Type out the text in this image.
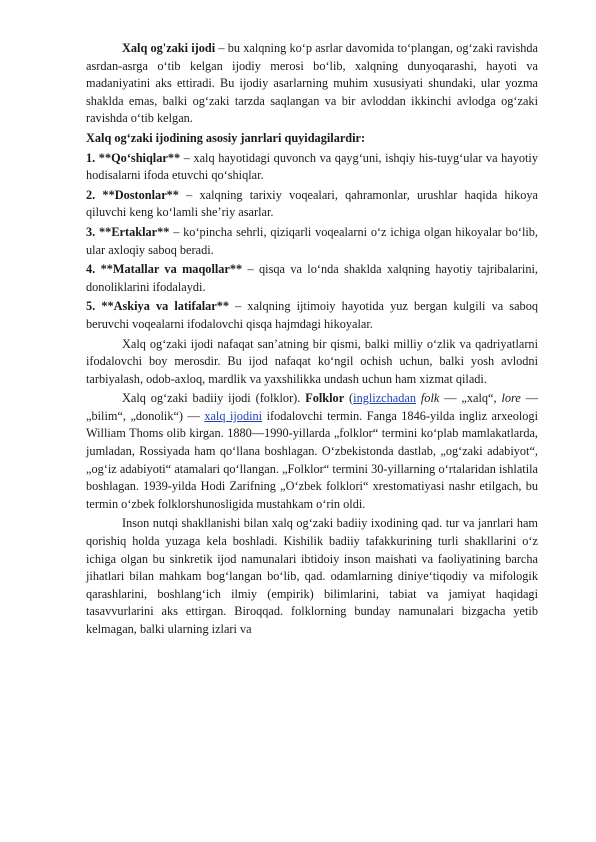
Xalq og'zaki ijodi – bu xalqning ko‘p asrlar davomida to‘plangan, og‘zaki ravishda asrdan-asrga o‘tib kelgan ijodiy merosi bo‘lib, xalqning dunyoqarashi, hayoti va madaniyatini aks ettiradi. Bu ijodiy asarlarning muhim xususiyati shundaki, ular yozma shaklda emas, balki og‘zaki tarzda saqlangan va bir avloddan ikkinchi avlodga og‘zaki ravishda o‘tib kelgan.

Xalq og‘zaki ijodining asosiy janrlari quyidagilardir:

1. **Qo‘shiqlar** – xalq hayotidagi quvonch va qayg‘uni, ishqiy his-tuyg‘ular va hayotiy hodisalarni ifoda etuvchi qo‘shiqlar.

2. **Dostonlar** – xalqning tarixiy voqealari, qahramonlar, urushlar haqida hikoya qiluvchi keng ko‘lamli she’riy asarlar.

3. **Ertaklar** – ko‘pincha sehrli, qiziqarli voqealarni o‘z ichiga olgan hikoyalar bo‘lib, ular axloqiy saboq beradi.

4. **Matallar va maqollar** – qisqa va lo‘nda shaklda xalqning hayotiy tajribalarini, donoliklarini ifodalaydi.

5. **Askiya va latifalar** – xalqning ijtimoiy hayotida yuz bergan kulgili va saboq beruvchi voqealarni ifodalovchi qisqa hajmdagi hikoyalar.

Xalq og‘zaki ijodi nafaqat san’atning bir qismi, balki milliy o‘zlik va qadriyatlarni ifodalovchi boy merosdir. Bu ijod nafaqat ko‘ngil ochish uchun, balki yosh avlodni tarbiyalash, odob-axloq, mardlik va yaxshilikka undash uchun ham xizmat qiladi.

Xalq og‘zaki badiiy ijodi (folklor). Folklor (inglizchadan folk — „xalq“, lore — „bilim“, „donolik“) — xalq ijodini ifodalovchi termin. Fanga 1846-yilda ingliz arxeologi William Thoms olib kirgan. 1880—1990-yillarda „folklor“ termini ko‘plab mamlakatlarda, jumladan, Rossiyada ham qo‘llana boshlagan. O‘zbekistonda dastlab, „og‘zaki adabiyot“, „og‘iz adabiyoti“ atamalari qo‘llangan. „Folklor“ termini 30-yillarning o‘rtalaridan ishlatila boshlagan. 1939-yilda Hodi Zarifning „O‘zbek folklori“ xrestomatiyasi nashr etilgach, bu termin o‘zbek folklorshunosligida mustahkam o‘rin oldi.

Inson nutqi shakllanishi bilan xalq og‘zaki badiiy ixodining qad. tur va janrlari ham qorishiq holda yuzaga kela boshladi. Kishilik badiiy tafakkurining turli shakllarini o‘z ichiga olgan bu sinkretik ijod namunalari ibtidoiy inson maishati va faoliyatining barcha jihatlari bilan mahkam bog‘langan bo‘lib, qad. odamlarning diniye‘tiqodiy va mifologik qarashlarini, boshlang‘ich ilmiy (empirik) bilimlarini, tabiat va jamiyat haqidagi tasavvurlarini aks ettirgan. Biroqqad. folklorning bunday namunalari bizgacha yetib kelmagan, balki ularning izlari va
